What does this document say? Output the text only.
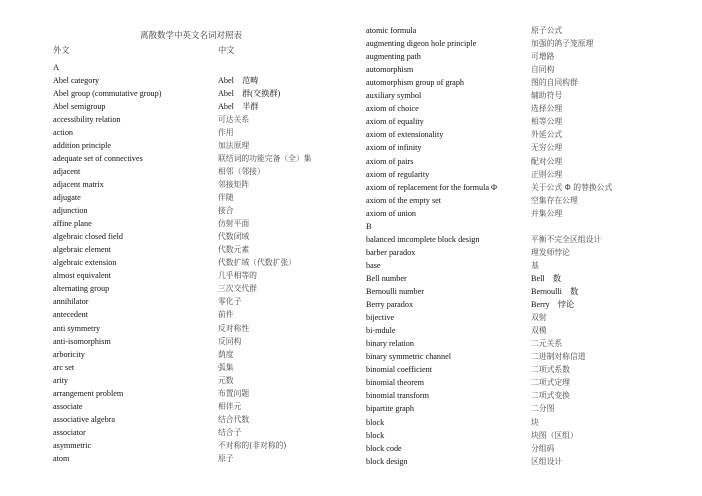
离散数学中英文名词对照表
外文	中文
A
Abel category	Abel　范畴
Abel group (commutative group)	Abel　群(交换群)
Abel semigroup	Abel　半群
accessibility relation	可达关系
action	作用
addition principle	加法原理
adequate set of connectives	联结词的功能完备（全）集
adjacent	相邻（邻接）
adjacent matrix	邻接矩阵
adjugate	伴随
adjunction	接合
affine plane	仿射平面
algebraic closed field	代数闭域
algebraic element	代数元素
algebraic extension	代数扩域（代数扩张）
almost equivalent	几乎相等的
alternating group	三次交代群
annihilator	零化子
antecedent	前件
anti symmetry	反对称性
anti-isomorphism	反同构
arboricity	荫度
arc set	弧集
arity	元数
arrangement problem	布置问题
associate	相伴元
associative algebra	结合代数
associator	结合子
asymmetric	不对称的(非对称的)
atom	原子
atomic formula	原子公式
augmenting digeon hole principle	加强的鸽子笼原理
augmenting path	可增路
automorphism	自同构
automorphism group of graph	图的自同构群
auxiliary symbol	辅助符号
axiom of choice	选择公理
axiom of equality	相等公理
axiom of extensionality	外延公式
axiom of infinity	无穷公理
axiom of pairs	配对公理
axiom of regularity	正则公理
axiom of replacement for the formula Φ	关于公式 Φ 的替换公式
axiom of the empty set	空集存在公理
axiom of union	并集公理
B
balanced imcomplete block design	平衡不完全区组设计
barber paradox	理发师悖论
base	基
Bell number	Bell　数
Bernoulli number	Bernoulli　数
Berry paradox	Berry　悖论
bijective	双射
bi-mdule	双模
binary relation	二元关系
binary symmetric channel	二进制对称信道
binomial coefficient	二项式系数
binomial theorem	二项式定理
binomial transform	二项式变换
bipartite graph	二分图
block	块
block	块图（区组）
block code	分组码
block design	区组设计
